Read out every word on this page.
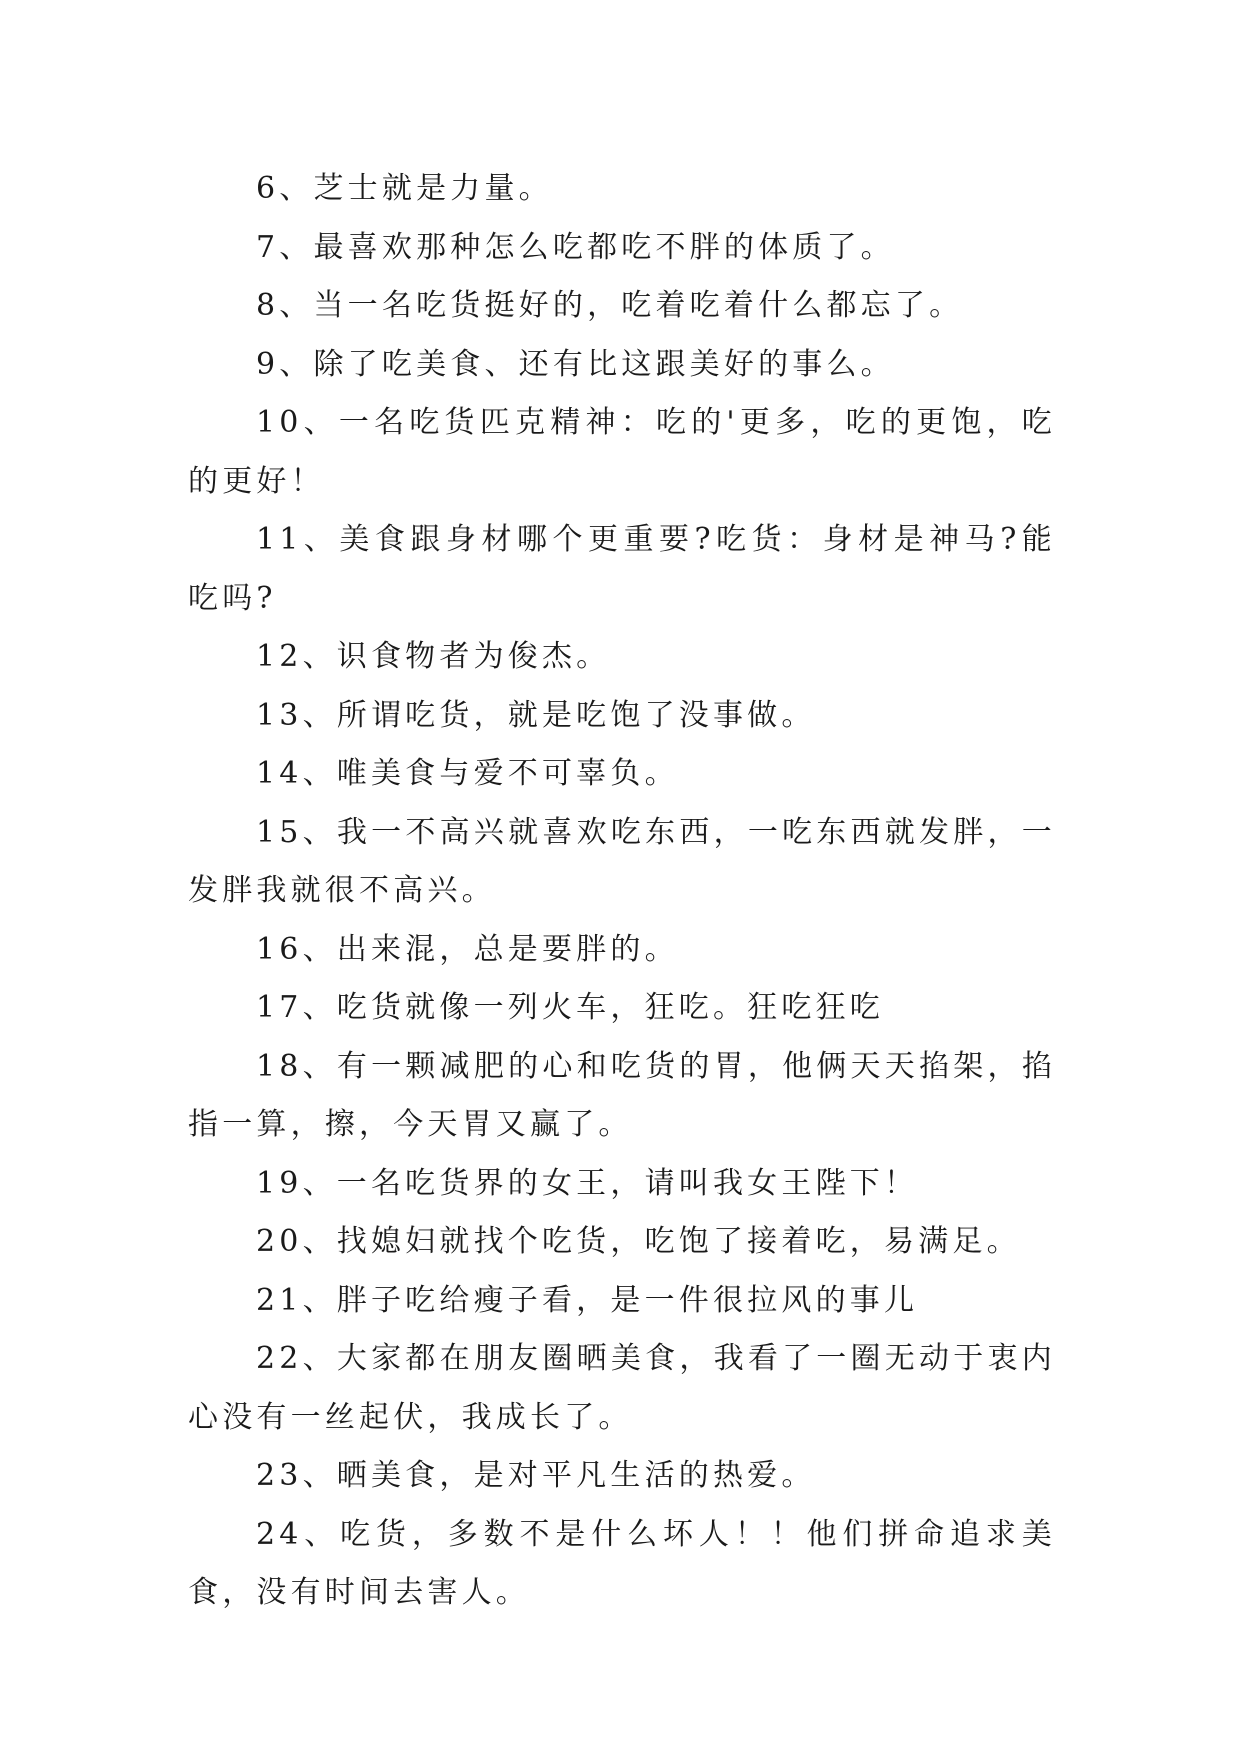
6、芝士就是力量。

7、最喜欢那种怎么吃都吃不胖的体质了。

8、当一名吃货挺好的，吃着吃着什么都忘了。

9、除了吃美食、还有比这跟美好的事么。

10、一名吃货匹克精神：吃的'更多，吃的更饱，吃的更好！

11、美食跟身材哪个更重要?吃货：身材是神马?能吃吗?

12、识食物者为俊杰。

13、所谓吃货，就是吃饱了没事做。

14、唯美食与爱不可辜负。

15、我一不高兴就喜欢吃东西，一吃东西就发胖，一发胖我就很不高兴。

16、出来混，总是要胖的。

17、吃货就像一列火车，狂吃。狂吃狂吃

18、有一颗减肥的心和吃货的胃，他俩天天掐架，掐指一算，擦，今天胃又赢了。

19、一名吃货界的女王，请叫我女王陛下！

20、找媳妇就找个吃货，吃饱了接着吃，易满足。

21、胖子吃给瘦子看，是一件很拉风的事儿

22、大家都在朋友圈晒美食，我看了一圈无动于衷内心没有一丝起伏，我成长了。

23、晒美食，是对平凡生活的热爱。

24、吃货，多数不是什么坏人！！他们拼命追求美食，没有时间去害人。
